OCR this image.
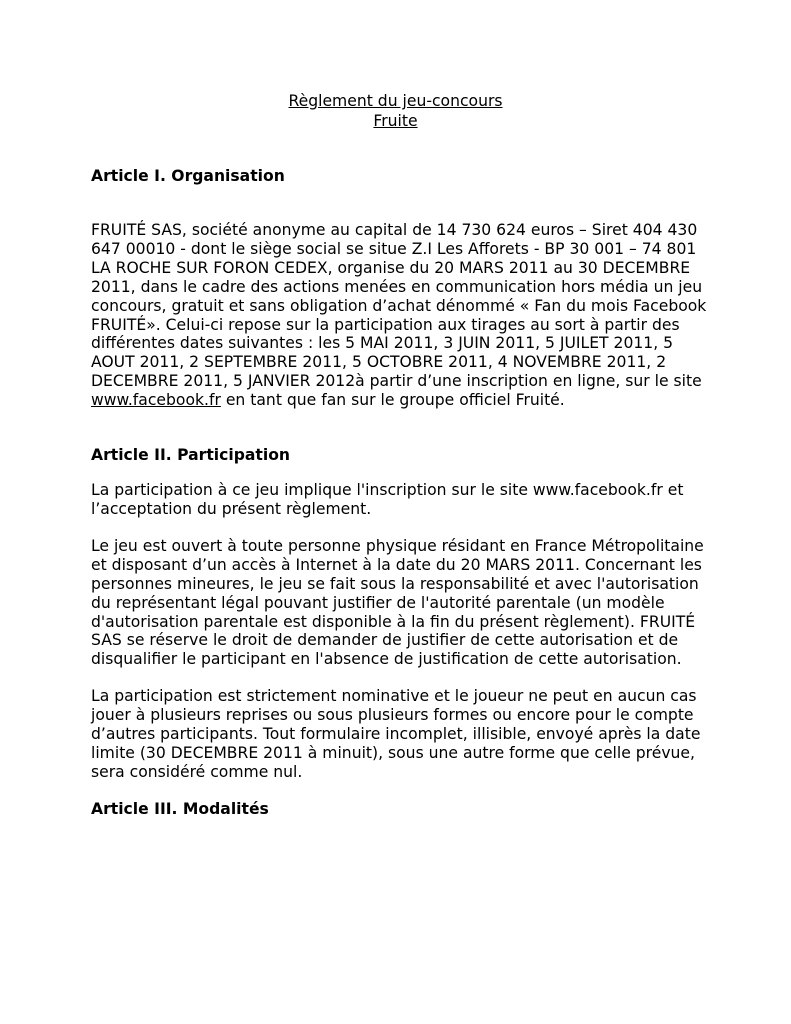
Règlement du jeu-concours
Fruite
Article I. Organisation

FRUITÉ SAS, société anonyme au capital de 14 730 624 euros – Siret 404 430 647 00010 - dont le siège social se situe Z.I Les Afforets - BP 30 001 – 74 801 LA ROCHE SUR FORON CEDEX, organise du 20 MARS 2011 au 30 DECEMBRE 2011, dans le cadre des actions menées en communication hors média un jeu concours, gratuit et sans obligation d’achat dénommé « Fan du mois Facebook FRUITÉ». Celui-ci repose sur la participation aux tirages au sort à partir des différentes dates suivantes : les 5 MAI 2011, 3 JUIN 2011, 5 JUILET 2011, 5 AOUT 2011, 2 SEPTEMBRE 2011, 5 OCTOBRE 2011, 4 NOVEMBRE 2011, 2 DECEMBRE 2011, 5 JANVIER 2012à partir d’une inscription en ligne, sur le site www.facebook.fr en tant que fan sur le groupe officiel Fruité.

Article II. Participation

La participation à ce jeu implique l'inscription sur le site www.facebook.fr et l’acceptation du présent règlement.

Le jeu est ouvert à toute personne physique résidant en France Métropolitaine et disposant d’un accès à Internet à la date du 20 MARS 2011. Concernant les personnes mineures, le jeu se fait sous la responsabilité et avec l'autorisation du représentant légal pouvant justifier de l'autorité parentale (un modèle d'autorisation parentale est disponible à la fin du présent règlement). FRUITÉ SAS se réserve le droit de demander de justifier de cette autorisation et de disqualifier le participant en l'absence de justification de cette autorisation.

La participation est strictement nominative et le joueur ne peut en aucun cas jouer à plusieurs reprises ou sous plusieurs formes ou encore pour le compte d’autres participants. Tout formulaire incomplet, illisible, envoyé après la date limite (30 DECEMBRE 2011 à minuit), sous une autre forme que celle prévue, sera considéré comme nul.

Article III. Modalités
